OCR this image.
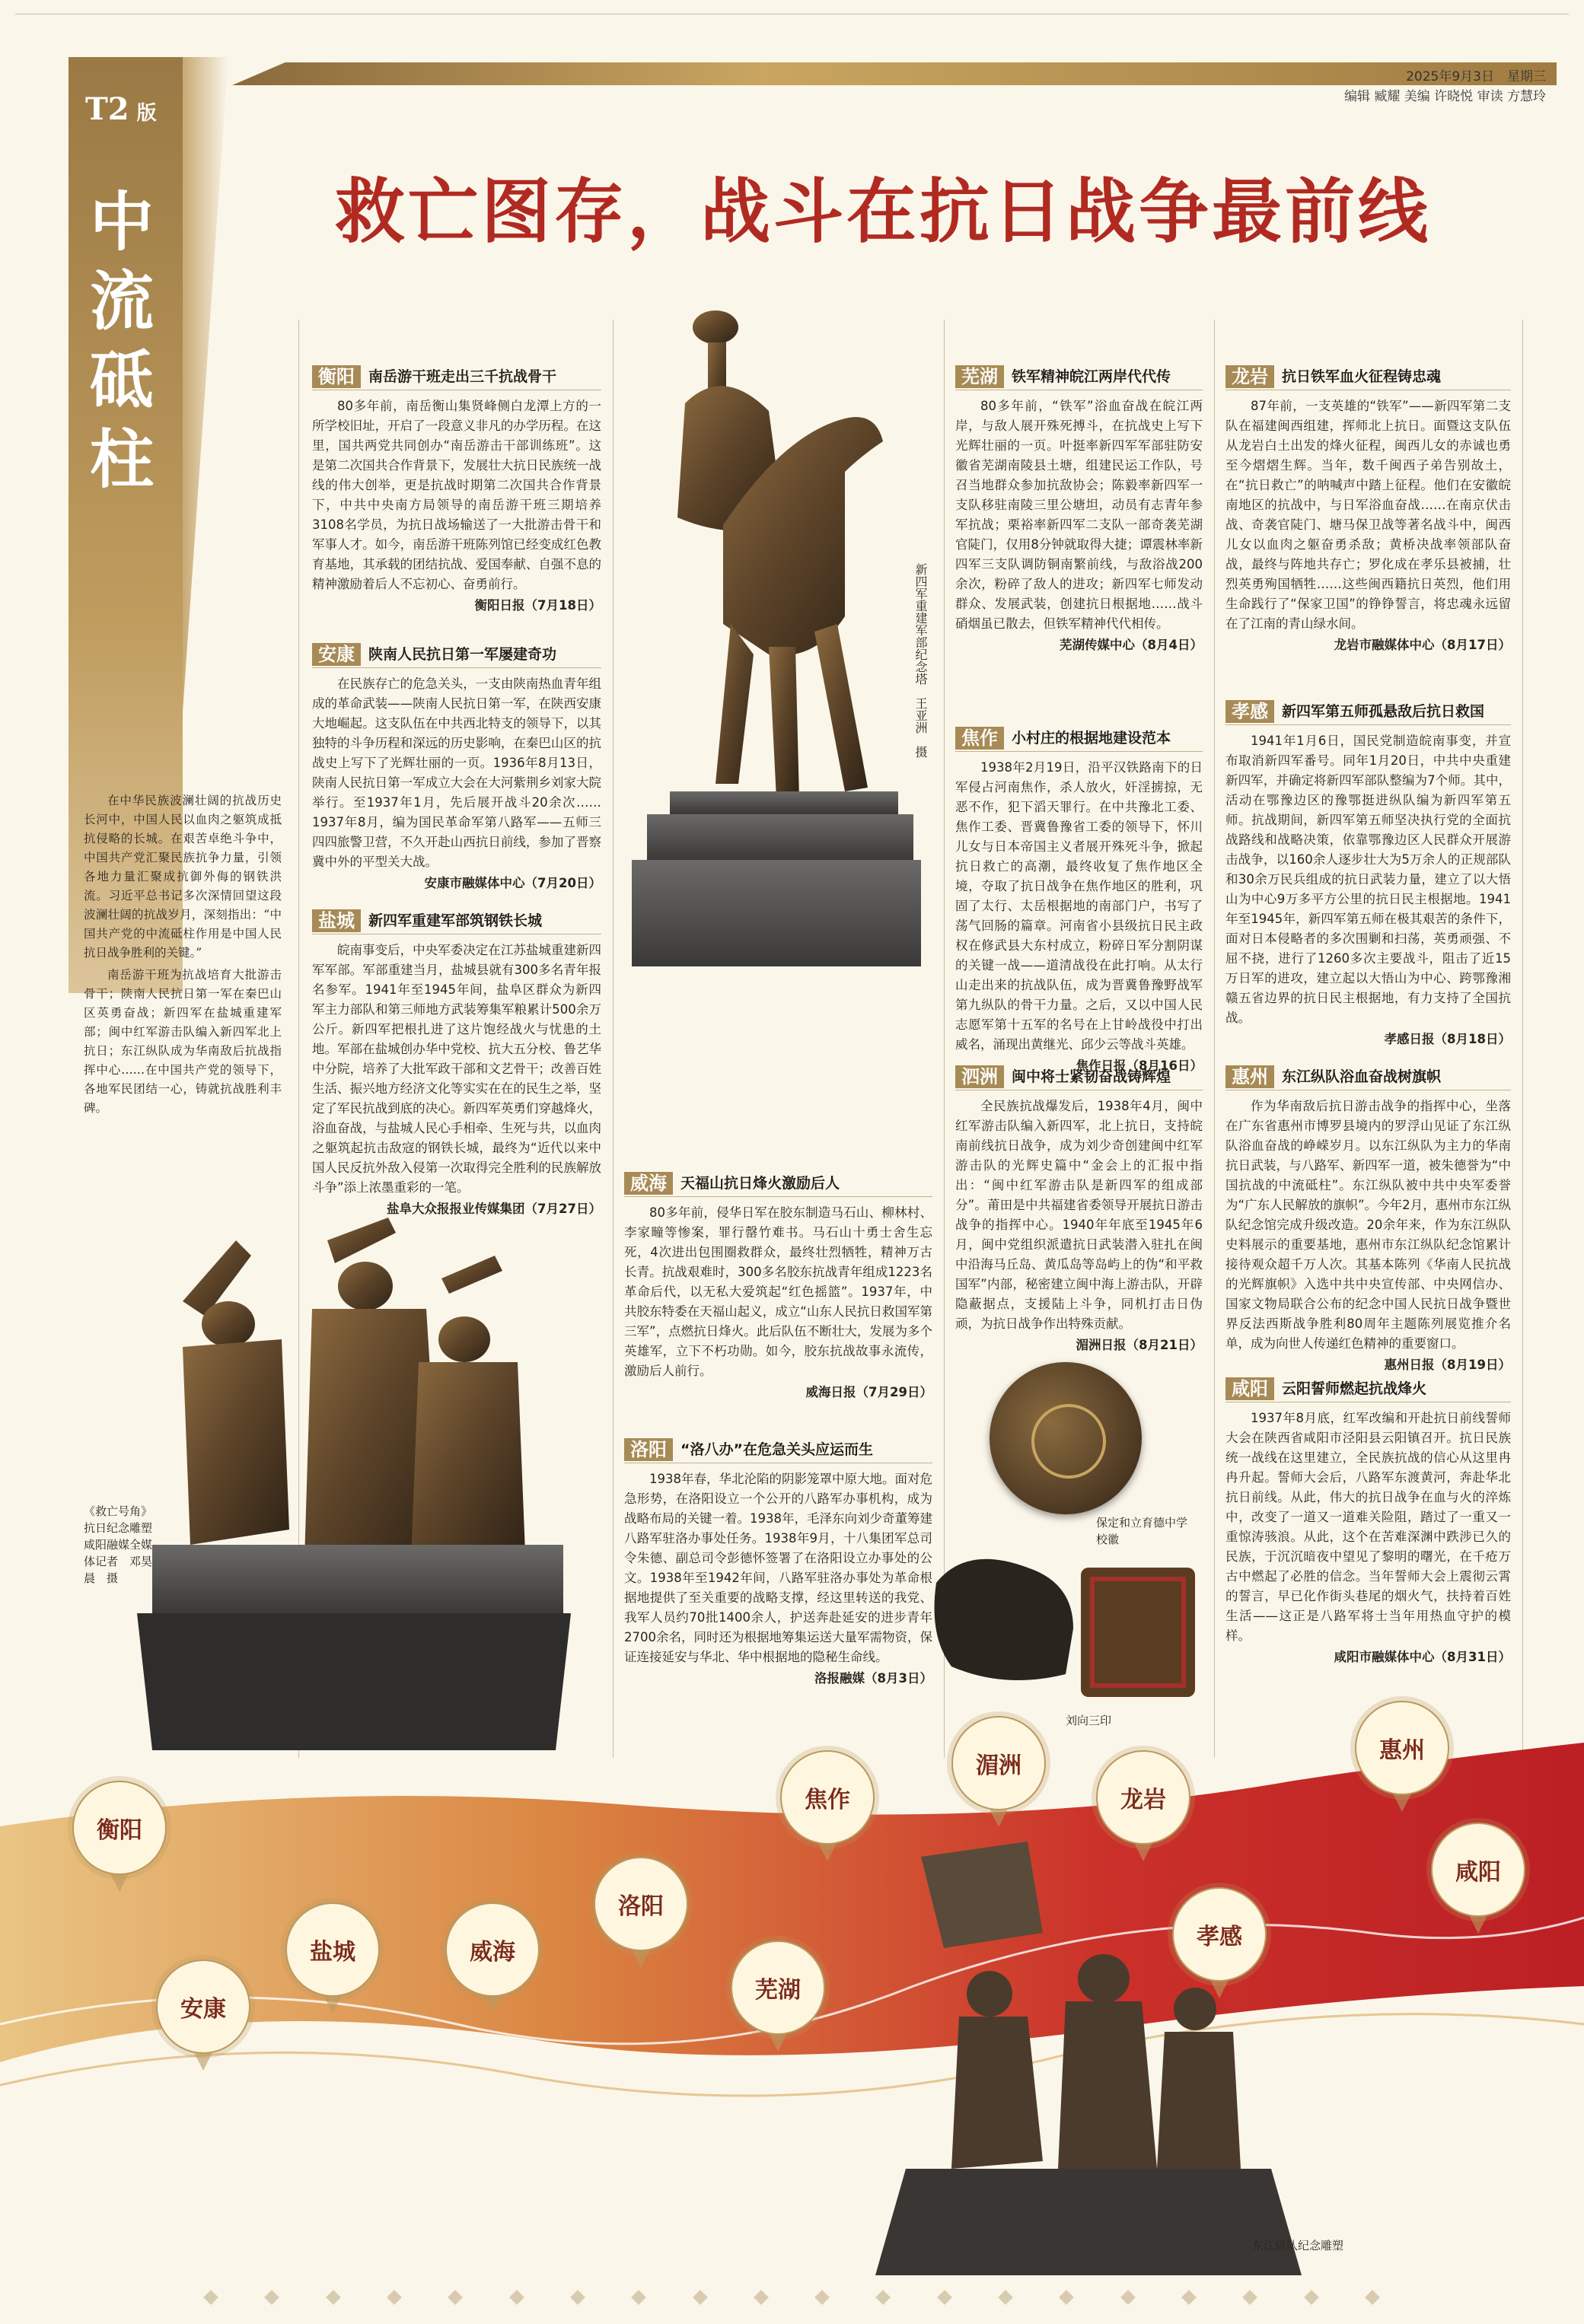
T2 版
中流砥柱
2025年9月3日　星期三
编辑 臧耀 美编 许晓悦 审读 方慧玲
救亡图存，战斗在抗日战争最前线

在中华民族波澜壮阔的抗战历史长河中，中国人民以血肉之躯筑成抵抗侵略的长城。在艰苦卓绝斗争中，中国共产党汇聚民族抗争力量，引领各地力量汇聚成抗御外侮的钢铁洪流。习近平总书记多次深情回望这段波澜壮阔的抗战岁月，深刻指出：“中国共产党的中流砥柱作用是中国人民抗日战争胜利的关键。”

南岳游干班为抗战培育大批游击骨干；陕南人民抗日第一军在秦巴山区英勇奋战；新四军在盐城重建军部；闽中红军游击队编入新四军北上抗日；东江纵队成为华南敌后抗战指挥中心……在中国共产党的领导下，各地军民团结一心，铸就抗战胜利丰碑。

衡阳 南岳游干班走出三千抗战骨干

80多年前，南岳衡山集贤峰侧白龙潭上方的一所学校旧址，开启了一段意义非凡的办学历程。在这里，国共两党共同创办“南岳游击干部训练班”。这是第二次国共合作背景下，发展壮大抗日民族统一战线的伟大创举，更是抗战时期第二次国共合作背景下，中共中央南方局领导的南岳游干班三期培养3108名学员，为抗日战场输送了一大批游击骨干和军事人才。如今，南岳游干班陈列馆已经变成红色教育基地，其承载的团结抗战、爱国奉献、自强不息的精神激励着后人不忘初心、奋勇前行。

衡阳日报（7月18日）
安康 陕南人民抗日第一军屡建奇功

在民族存亡的危急关头，一支由陕南热血青年组成的革命武装——陕南人民抗日第一军，在陕西安康大地崛起。这支队伍在中共西北特支的领导下，以其独特的斗争历程和深远的历史影响，在秦巴山区的抗战史上写下了光辉壮丽的一页。1936年8月13日，陕南人民抗日第一军成立大会在大河紫荆乡刘家大院举行。至1937年1月，先后展开战斗20余次……1937年8月，编为国民革命军第八路军——五师三四四旅警卫营，不久开赴山西抗日前线，参加了晋察冀中外的平型关大战。

安康市融媒体中心（7月20日）
盐城 新四军重建军部筑钢铁长城

皖南事变后，中央军委决定在江苏盐城重建新四军军部。军部重建当月，盐城县就有300多名青年报名参军。1941年至1945年间，盐阜区群众为新四军主力部队和第三师地方武装筹集军粮累计500余万公斤。新四军把根扎进了这片饱经战火与忧患的土地。军部在盐城创办华中党校、抗大五分校、鲁艺华中分院，培养了大批军政干部和文艺骨干；改善百姓生活、振兴地方经济文化等实实在在的民生之举，坚定了军民抗战到底的决心。新四军英勇们穿越烽火，浴血奋战，与盐城人民心手相牵、生死与共，以血肉之躯筑起抗击敌寇的钢铁长城，最终为“近代以来中国人民反抗外敌入侵第一次取得完全胜利的民族解放斗争”添上浓墨重彩的一笔。

盐阜大众报报业传媒集团（7月27日）
威海 天福山抗日烽火激励后人

80多年前，侵华日军在胶东制造马石山、柳林村、李家疃等惨案，罪行罄竹难书。马石山十勇士舍生忘死，4次进出包围圈救群众，最终壮烈牺牲，精神万古长青。抗战艰难时，300多名胶东抗战青年组成1223名革命后代，以无私大爱筑起“红色摇篮”。1937年，中共胶东特委在天福山起义，成立“山东人民抗日救国军第三军”，点燃抗日烽火。此后队伍不断壮大，发展为多个英雄军，立下不朽功勋。如今，胶东抗战故事永流传，激励后人前行。

威海日报（7月29日）
洛阳 “洛八办”在危急关头应运而生

1938年春，华北沦陷的阴影笼罩中原大地。面对危急形势，在洛阳设立一个公开的八路军办事机构，成为战略布局的关键一着。1938年，毛泽东向刘少奇董筹建八路军驻洛办事处任务。1938年9月，十八集团军总司令朱德、副总司令彭德怀签署了在洛阳设立办事处的公文。1938年至1942年间，八路军驻洛办事处为革命根据地提供了至关重要的战略支撑，经这里转送的我党、我军人员约70批1400余人，护送奔赴延安的进步青年2700余名，同时还为根据地筹集运送大量军需物资，保证连接延安与华北、华中根据地的隐秘生命线。

洛报融媒（8月3日）
芜湖 铁军精神皖江两岸代代传

80多年前，“铁军”浴血奋战在皖江两岸，与敌人展开殊死搏斗，在抗战史上写下光辉壮丽的一页。叶挺率新四军军部驻防安徽省芜湖南陵县土塘，组建民运工作队，号召当地群众参加抗敌协会；陈毅率新四军一支队移驻南陵三里公塘坦，动员有志青年参军抗战；栗裕率新四军二支队一部奇袭芜湖官陡门，仅用8分钟就取得大捷；谭震林率新四军三支队调防铜南繁前线，与敌浴战200余次，粉碎了敌人的进攻；新四军七师发动群众、发展武装，创建抗日根据地……战斗硝烟虽已散去，但铁军精神代代相传。

芜湖传媒中心（8月4日）
焦作 小村庄的根据地建设范本

1938年2月19日，沿平汉铁路南下的日军侵占河南焦作，杀人放火，奸淫掳掠，无恶不作，犯下滔天罪行。在中共豫北工委、焦作工委、晋冀鲁豫省工委的领导下，怀川儿女与日本帝国主义者展开殊死斗争，掀起抗日救亡的高潮，最终收复了焦作地区全境，夺取了抗日战争在焦作地区的胜利，巩固了太行、太岳根据地的南部门户，书写了荡气回肠的篇章。河南省小县级抗日民主政权在修武县大东村成立，粉碎日军分割阴谋的关键一战——道清战役在此打响。从太行山走出来的抗战队伍，成为晋冀鲁豫野战军第九纵队的骨干力量。之后，又以中国人民志愿军第十五军的名号在上甘岭战役中打出威名，涌现出黄继光、邱少云等战斗英雄。

焦作日报（8月16日）
泗洲 闽中将士紧韧奋战铸辉煌

全民族抗战爆发后，1938年4月，闽中红军游击队编入新四军，北上抗日，支持皖南前线抗日战争，成为刘少奇创建闽中红军游击队的光辉史篇中“金会上的汇报中指出：“闽中红军游击队是新四军的组成部分”。莆田是中共福建省委领导开展抗日游击战争的指挥中心。1940年年底至1945年6月，闽中党组织派遣抗日武装潜入驻扎在闽中沿海马丘岛、黄瓜岛等岛屿上的伪“和平救国军”内部，秘密建立闽中海上游击队，开辟隐蔽据点，支援陆上斗争，同机打击日伪顽，为抗日战争作出特殊贡献。

湄洲日报（8月21日）
龙岩 抗日铁军血火征程铸忠魂

87年前，一支英雄的“铁军”——新四军第二支队在福建闽西组建，挥师北上抗日。面暨这支队伍从龙岩白土出发的烽火征程，闽西儿女的赤诚也勇至今熠熠生辉。当年，数千闽西子弟告别故土，在“抗日救亡”的呐喊声中踏上征程。他们在安徽皖南地区的抗战中，与日军浴血奋战……在南京伏击战、奇袭官陡门、塘马保卫战等著名战斗中，闽西儿女以血肉之躯奋勇杀敌；黄桥决战率领部队奋战，最终与阵地共存亡；罗化成在孝乐县被捕，壮烈英勇殉国牺牲……这些闽西籍抗日英烈，他们用生命践行了“保家卫国”的铮铮誓言，将忠魂永远留在了江南的青山绿水间。

龙岩市融媒体中心（8月17日）
孝感 新四军第五师孤悬敌后抗日救国

1941年1月6日，国民党制造皖南事变，并宣布取消新四军番号。同年1月20日，中共中央重建新四军，并确定将新四军部队整编为7个师。其中，活动在鄂豫边区的豫鄂挺进纵队编为新四军第五师。抗战期间，新四军第五师坚决执行党的全面抗战路线和战略决策，依靠鄂豫边区人民群众开展游击战争，以160余人逐步壮大为5万余人的正规部队和30余万民兵组成的抗日武装力量，建立了以大悟山为中心9万多平方公里的抗日民主根据地。1941年至1945年，新四军第五师在极其艰苦的条件下，面对日本侵略者的多次围剿和扫荡，英勇顽强、不屈不挠，进行了1260多次主要战斗，阻击了近15万日军的进攻，建立起以大悟山为中心、跨鄂豫湘赣五省边界的抗日民主根据地，有力支持了全国抗战。

孝感日报（8月18日）
惠州 东江纵队浴血奋战树旗帜

作为华南敌后抗日游击战争的指挥中心，坐落在广东省惠州市博罗县境内的罗浮山见证了东江纵队浴血奋战的峥嵘岁月。以东江纵队为主力的华南抗日武装，与八路军、新四军一道，被朱德誉为“中国抗战的中流砥柱”。东江纵队被中共中央军委誉为“广东人民解放的旗帜”。今年2月，惠州市东江纵队纪念馆完成升级改造。20余年来，作为东江纵队史料展示的重要基地，惠州市东江纵队纪念馆累计接待观众超千万人次。其基本陈列《华南人民抗战的光辉旗帜》入选中共中央宣传部、中央网信办、国家文物局联合公布的纪念中国人民抗日战争暨世界反法西斯战争胜利80周年主题陈列展览推介名单，成为向世人传递红色精神的重要窗口。

惠州日报（8月19日）
咸阳 云阳誓师燃起抗战烽火

1937年8月底，红军改编和开赴抗日前线誓师大会在陕西省咸阳市泾阳县云阳镇召开。抗日民族统一战线在这里建立，全民族抗战的信心从这里冉冉升起。誓师大会后，八路军东渡黄河，奔赴华北抗日前线。从此，伟大的抗日战争在血与火的淬炼中，改变了一道又一道难关险阻，踏过了一重又一重惊涛骇浪。从此，这个在苦难深渊中跌涉已久的民族，于沉沉暗夜中望见了黎明的曙光，在千疮万古中燃起了必胜的信念。当年誓师大会上震彻云霄的誓言，早已化作街头巷尾的烟火气，扶持着百姓生活——这正是八路军将士当年用热血守护的模样。

咸阳市融媒体中心（8月31日）
新四军重建军部纪念塔　王亚洲　摄
《救亡号角》抗日纪念雕塑
咸阳融媒全媒体记者　邓昊晨　摄
保定和立育德中学校徽
刘向三印
东江纵队纪念雕塑
衡阳
安康
盐城	威海
洛阳
芜湖
焦作
湄洲
龙岩
孝感
惠州
咸阳
